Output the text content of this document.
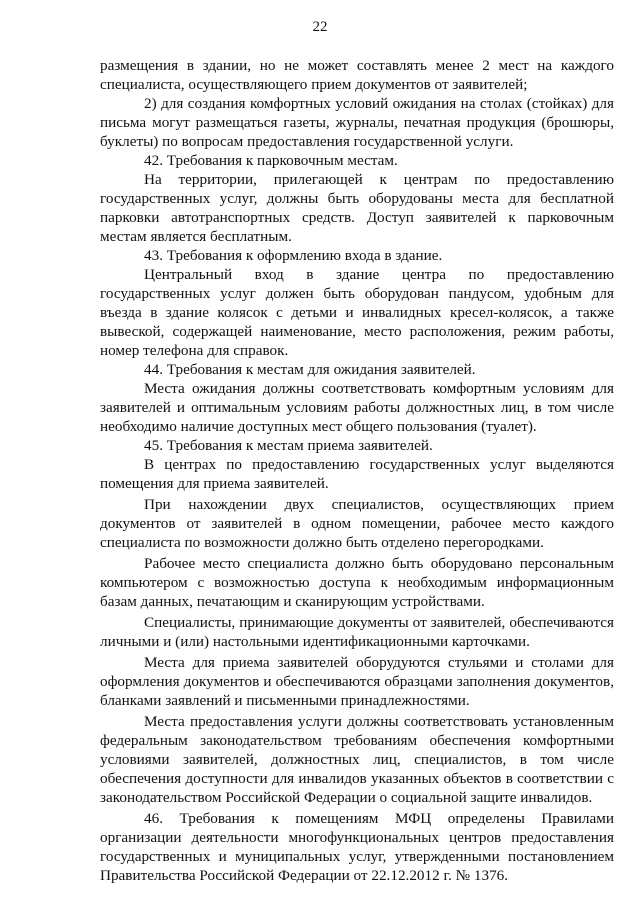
22

размещения в здании, но не может составлять менее 2 мест на каждого специалиста, осуществляющего прием документов от заявителей;

2) для создания комфортных условий ожидания на столах (стойках) для письма могут размещаться газеты, журналы, печатная продукция (брошюры, буклеты) по вопросам предоставления государственной услуги.

42. Требования к парковочным местам.

На территории, прилегающей к центрам по предоставлению государственных услуг, должны быть оборудованы места для бесплатной парковки автотранспортных средств. Доступ заявителей к парковочным местам является бесплатным.

43. Требования к оформлению входа в здание.

Центральный вход в здание центра по предоставлению государственных услуг должен быть оборудован пандусом, удобным для въезда в здание колясок с детьми и инвалидных кресел-колясок, а также вывеской, содержащей наименование, место расположения, режим работы, номер телефона для справок.

44. Требования к местам для ожидания заявителей.

Места ожидания должны соответствовать комфортным условиям для заявителей и оптимальным условиям работы должностных лиц, в том числе необходимо наличие доступных мест общего пользования (туалет).

45. Требования к местам приема заявителей.

В центрах по предоставлению государственных услуг выделяются помещения для приема заявителей.

При нахождении двух специалистов, осуществляющих прием документов от заявителей в одном помещении, рабочее место каждого специалиста по возможности должно быть отделено перегородками.

Рабочее место специалиста должно быть оборудовано персональным компьютером с возможностью доступа к необходимым информационным базам данных, печатающим и сканирующим устройствами.

Специалисты, принимающие документы от заявителей, обеспечиваются личными и (или) настольными идентификационными карточками.

Места для приема заявителей оборудуются стульями и столами для оформления документов и обеспечиваются образцами заполнения документов, бланками заявлений и письменными принадлежностями.

Места предоставления услуги должны соответствовать установленным федеральным законодательством требованиям обеспечения комфортными условиями заявителей, должностных лиц, специалистов, в том числе обеспечения доступности для инвалидов указанных объектов в соответствии с законодательством Российской Федерации о социальной защите инвалидов.

46. Требования к помещениям МФЦ определены Правилами организации деятельности многофункциональных центров предоставления государственных и муниципальных услуг, утвержденными постановлением Правительства Российской Федерации от 22.12.2012 г. № 1376.
